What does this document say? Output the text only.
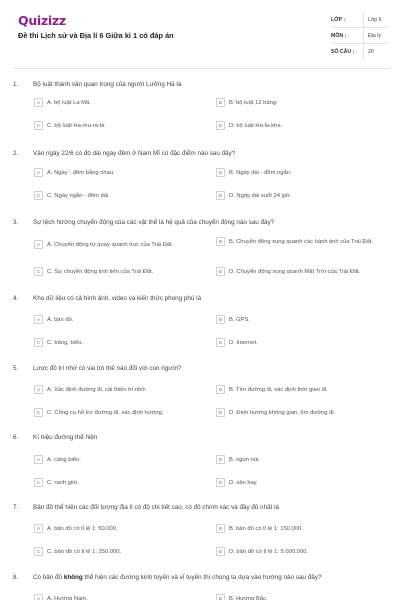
Quizizz
Đề thi Lịch sử và Địa lí 6 Giữa kì 1 có đáp án
LỚP :	Lớp 6
MÔN :	Địa lý
SỐ CÂU :	20
1. Bộ luật thành văn quan trọng của người Lưỡng Hà là
A	A. bộ luật La Mã.	B	B. bộ luật 12 bảng.
C	C. bộ luật Ha-mu-ra-bi.	D	D. bộ luật Ha-la-kha.
2. Vào ngày 22/6 có độ dài ngày đêm ở Nam Mĩ có đặc điểm nào sau đây?
A	A. Ngày - đêm bằng nhau.	B	B. Ngày dài - đêm ngắn.
C	C. Ngày ngắn - đêm dài.	D	D. Ngày dài suốt 24 giờ.
3. Sự lệch hướng chuyển động của các vật thể là hệ quả của chuyển động nào sau đây?
A	A. Chuyển động tự quay quanh trục của Trái Đất.	B	B. Chuyển động xung quanh các hành tinh của Trái Đất.
C	C. Sự chuyển động tịnh tiến của Trái Đất.	D	D. Chuyển động xung quanh Mặt Trời của Trái Đất.
4. Kho dữ liệu có cả hình ảnh, video và kiến thức phong phú là
A	A. bản đồ.	B	B. GPS.
C	C. bảng, biểu.	D	D. Internet.
5. Lược đồ trí nhớ có vai trò thế nào đối với con người?
A	A. Xác định đường đi, cải thiện trí nhớ.	B	B. Tìm đường đi, xác định thời gian đi.
C	C. Công cụ hỗ trợ đường đi, xác định hướng.	D	D. Định hướng không gian, tìm đường đi.
6. Kí hiệu đường thể hiện
A	A. cảng biển.	B	B. ngọn núi.
C	C. ranh giới.	D	D. sân bay.
7. Bản đồ thể hiện các đối tượng địa lí có độ chi tiết cao, có độ chính xác và đầy đủ nhất là
A	A. bản đồ có tỉ lệ 1: 50.000.	B	B. bản đồ có tỉ lệ 1: 150.000.
C	C. bản đồ có tỉ lệ 1: 250.000.	D	D. bản đồ có tỉ lệ 1: 5.000.000.
8. Có bản đồ không thể hiện các đường kinh tuyến và vĩ tuyến thì chúng ta dựa vào hướng nào sau đây?
A	A. Hướng Nam.	B	B. Hướng Bắc.
